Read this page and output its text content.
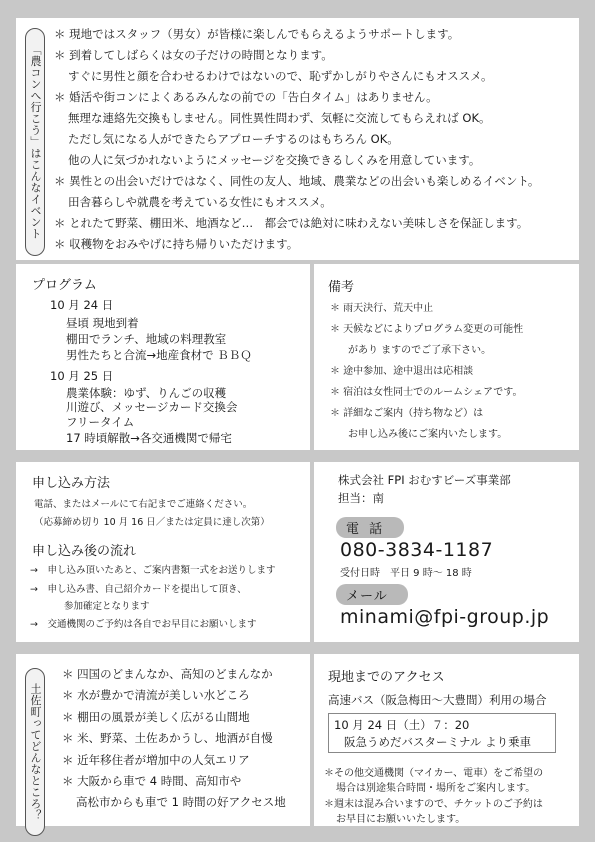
「農コンへ行こう」はこんなイベント
＊ 現地ではスタッフ（男女）が皆様に楽しんでもらえるようサポートします。
＊ 到着してしばらくは女の子だけの時間となります。
すぐに男性と顔を合わせるわけではないので、恥ずかしがりやさんにもオススメ。
＊ 婚活や街コンによくあるみんなの前での「告白タイム」はありません。
無理な連絡先交換もしません。同性異性問わず、気軽に交流してもらえれば OK。
ただし気になる人ができたらアプローチするのはもちろん OK。
他の人に気づかれないようにメッセージを交換できるしくみを用意しています。
＊ 異性との出会いだけではなく、同性の友人、地域、農業などの出会いも楽しめるイベント。
田舎暮らしや就農を考えている女性にもオススメ。
＊ とれたて野菜、棚田米、地酒など…　都会では絶対に味わえない美味しさを保証します。
＊ 収穫物をおみやげに持ち帰りいただけます。
プログラム
10 月 24 日
昼頃 現地到着
棚田でランチ、地域の料理教室
男性たちと合流→地産食材で ＢＢＱ
10 月 25 日
農業体験：ゆず、りんごの収穫
川遊び、メッセージカード交換会
フリータイム
17 時頃解散→各交通機関で帰宅
備考
＊ 雨天決行、荒天中止
＊ 天候などによりプログラム変更の可能性
があり ますのでご了承下さい。
＊ 途中参加、途中退出は応相談
＊ 宿泊は女性同士でのルームシェアです。
＊ 詳細なご案内（持ち物など）は
お申し込み後にご案内いたします。
申し込み方法
電話、またはメールにて右記までご連絡ください。
（応募締め切り 10 月 16 日／または定員に達し次第）
申し込み後の流れ
→　申し込み頂いたあと、ご案内書類一式をお送りします
→　申し込み書、自己紹介カードを提出して頂き、
参加確定となります
→　交通機関のご予約は各自でお早目にお願いします
株式会社 FPI おむすビーズ事業部
担当：南
電 話
080-3834-1187
受付日時　平日 9 時～ 18 時
メール
minami@fpi-group.jp
土佐町ってどんなところ？
＊ 四国のどまんなか、高知のどまんなか
＊ 水が豊かで清流が美しい水どころ
＊ 棚田の風景が美しく広がる山間地
＊ 米、野菜、土佐あかうし、地酒が自慢
＊ 近年移住者が増加中の人気エリア
＊ 大阪から車で 4 時間、高知市や
高松市からも車で 1 時間の好アクセス地
現地までのアクセス
高速バス（阪急梅田～大豊間）利用の場合
10 月 24 日（土）７：20
阪急うめだバスターミナル より乗車
＊その他交通機関（マイカー、電車）をご希望の
場合は別途集合時間・場所をご案内します。
＊週末は混み合いますので、チケットのご予約は
お早目にお願いいたします。
